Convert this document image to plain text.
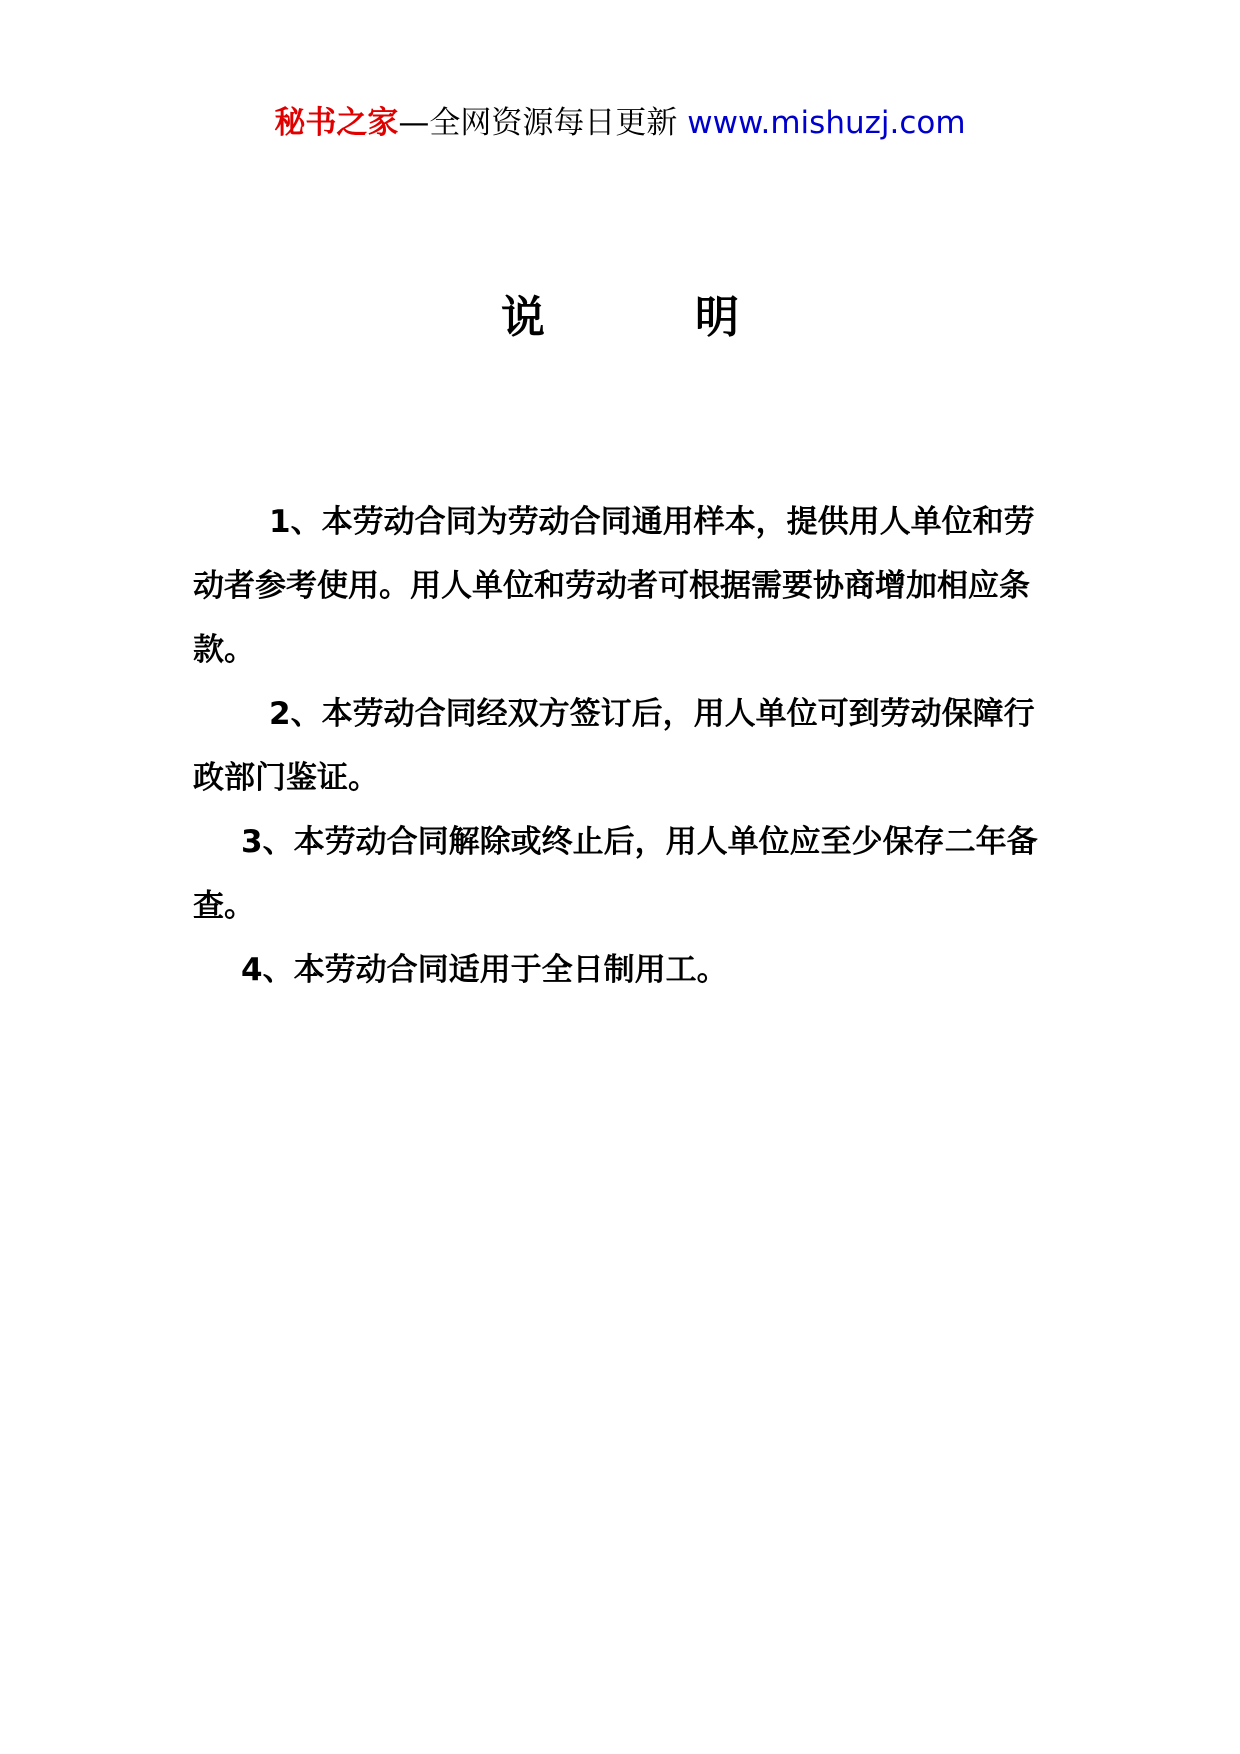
秘书之家—全网资源每日更新 www.mishuzj.com
说	明

1、本劳动合同为劳动合同通用样本，提供用人单位和劳动者参考使用。用人单位和劳动者可根据需要协商增加相应条款。

2、本劳动合同经双方签订后，用人单位可到劳动保障行政部门鉴证。

3、本劳动合同解除或终止后，用人单位应至少保存二年备查。

4、本劳动合同适用于全日制用工。
